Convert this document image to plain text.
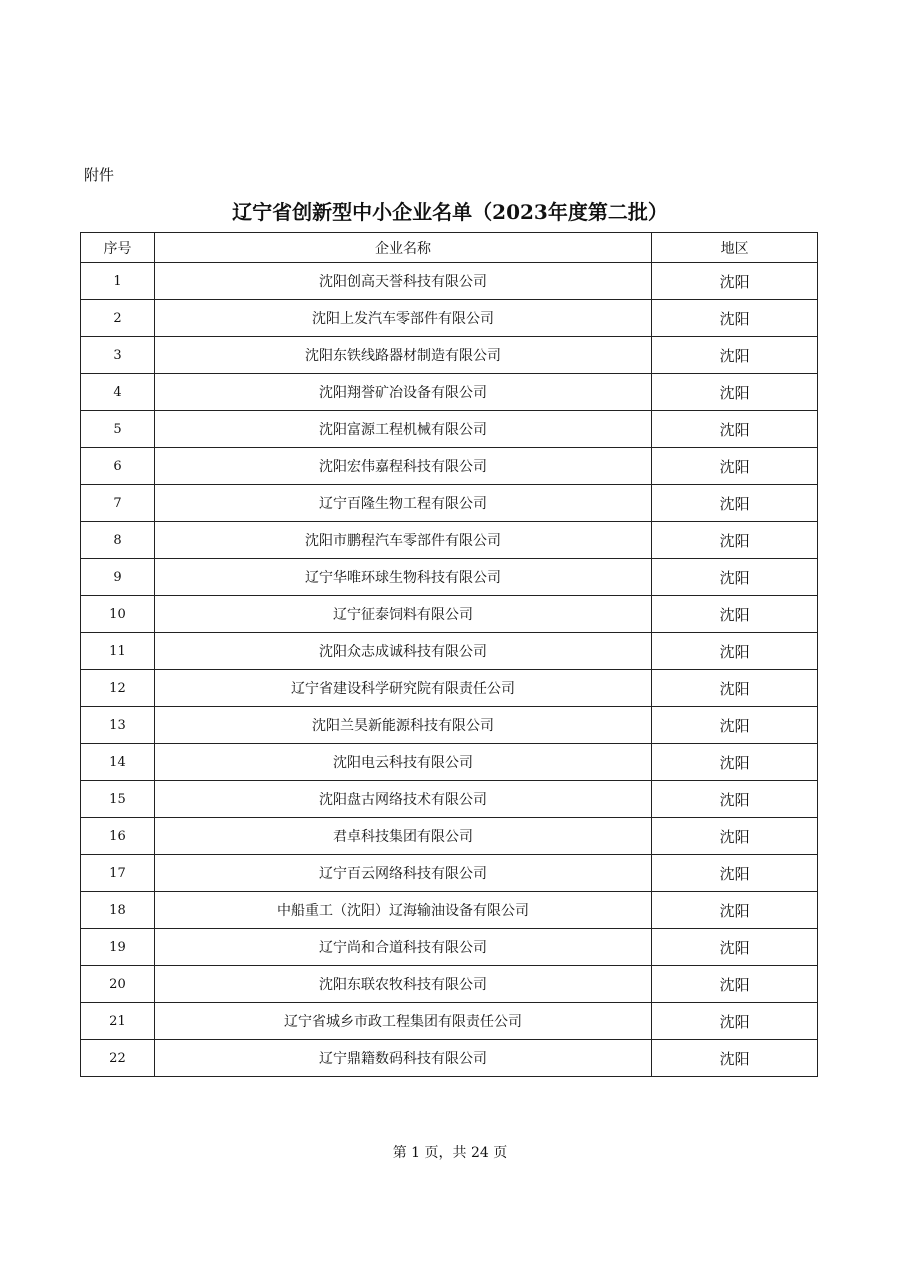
附件
辽宁省创新型中小企业名单（2023年度第二批）
序号	企业名称	地区
1	沈阳创高天誉科技有限公司	沈阳
2	沈阳上发汽车零部件有限公司	沈阳
3	沈阳东铁线路器材制造有限公司	沈阳
4	沈阳翔誉矿冶设备有限公司	沈阳
5	沈阳富源工程机械有限公司	沈阳
6	沈阳宏伟嘉程科技有限公司	沈阳
7	辽宁百隆生物工程有限公司	沈阳
8	沈阳市鹏程汽车零部件有限公司	沈阳
9	辽宁华唯环球生物科技有限公司	沈阳
10	辽宁征泰饲料有限公司	沈阳
11	沈阳众志成诚科技有限公司	沈阳
12	辽宁省建设科学研究院有限责任公司	沈阳
13	沈阳兰昊新能源科技有限公司	沈阳
14	沈阳电云科技有限公司	沈阳
15	沈阳盘古网络技术有限公司	沈阳
16	君卓科技集团有限公司	沈阳
17	辽宁百云网络科技有限公司	沈阳
18	中船重工（沈阳）辽海输油设备有限公司	沈阳
19	辽宁尚和合道科技有限公司	沈阳
20	沈阳东联农牧科技有限公司	沈阳
21	辽宁省城乡市政工程集团有限责任公司	沈阳
22	辽宁鼎籍数码科技有限公司	沈阳
第 1 页，共 24 页
